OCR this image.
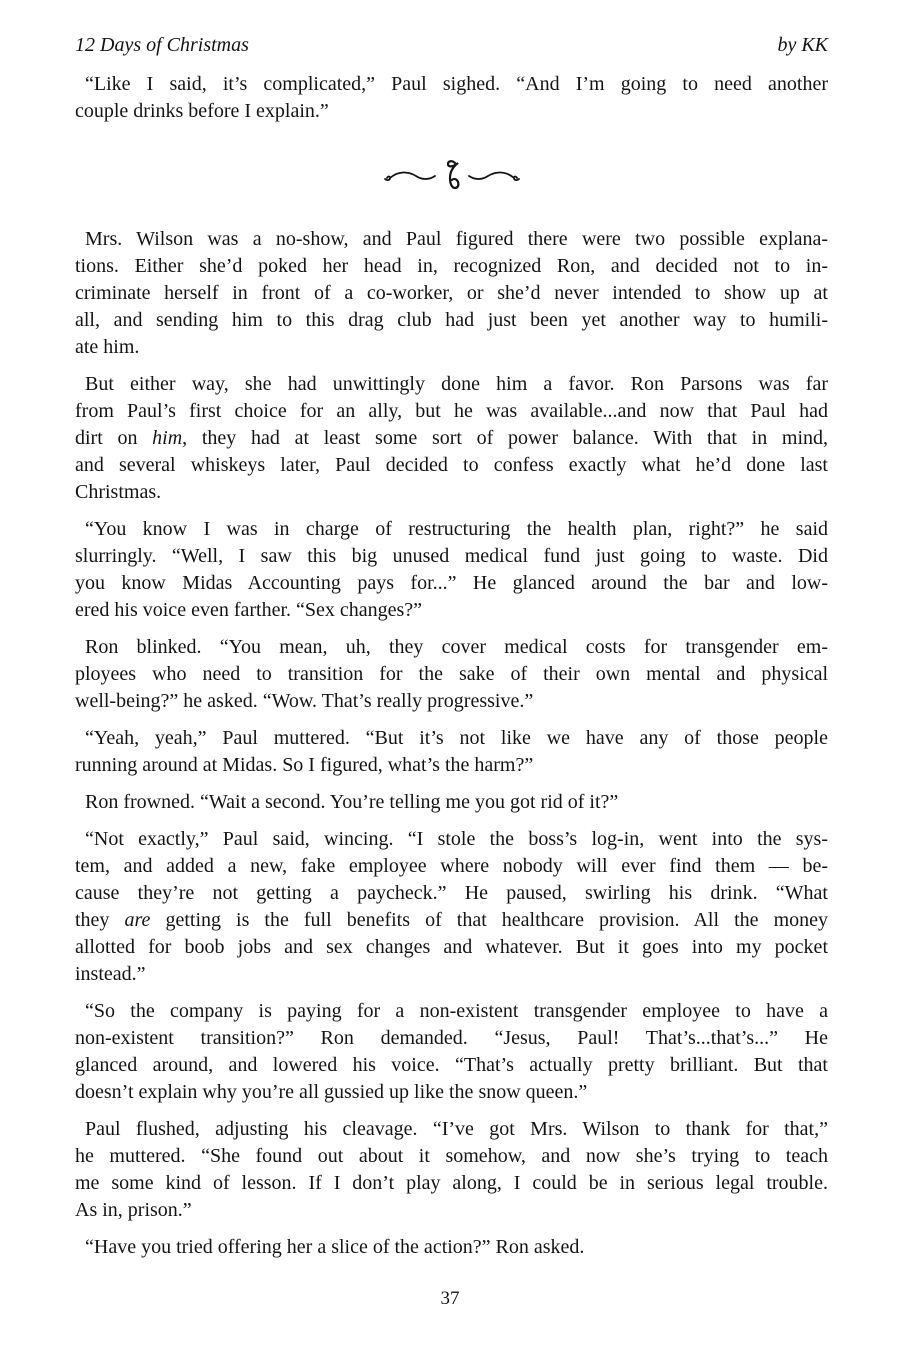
12 Days of Christmas	by KK

“Like I said, it’s complicated,” Paul sighed. “And I’m going to need another
couple drinks before I explain.”

Mrs. Wilson was a no-show, and Paul figured there were two possible explana-
tions. Either she’d poked her head in, recognized Ron, and decided not to in-
criminate herself in front of a co-worker, or she’d never intended to show up at
all, and sending him to this drag club had just been yet another way to humili-
ate him.

But either way, she had unwittingly done him a favor. Ron Parsons was far
from Paul’s first choice for an ally, but he was available...and now that Paul had
dirt on him, they had at least some sort of power balance. With that in mind,
and several whiskeys later, Paul decided to confess exactly what he’d done last
Christmas.

“You know I was in charge of restructuring the health plan, right?” he said
slurringly. “Well, I saw this big unused medical fund just going to waste. Did
you know Midas Accounting pays for...” He glanced around the bar and low-
ered his voice even farther. “Sex changes?”

Ron blinked. “You mean, uh, they cover medical costs for transgender em-
ployees who need to transition for the sake of their own mental and physical
well-being?” he asked. “Wow. That’s really progressive.”

“Yeah, yeah,” Paul muttered. “But it’s not like we have any of those people
running around at Midas. So I figured, what’s the harm?”

Ron frowned. “Wait a second. You’re telling me you got rid of it?”

“Not exactly,” Paul said, wincing. “I stole the boss’s log-in, went into the sys-
tem, and added a new, fake employee where nobody will ever find them — be-
cause they’re not getting a paycheck.” He paused, swirling his drink. “What
they are getting is the full benefits of that healthcare provision. All the money
allotted for boob jobs and sex changes and whatever. But it goes into my pocket
instead.”

“So the company is paying for a non-existent transgender employee to have a
non-existent transition?” Ron demanded. “Jesus, Paul! That’s...that’s...” He
glanced around, and lowered his voice. “That’s actually pretty brilliant. But that
doesn’t explain why you’re all gussied up like the snow queen.”

Paul flushed, adjusting his cleavage. “I’ve got Mrs. Wilson to thank for that,”
he muttered. “She found out about it somehow, and now she’s trying to teach
me some kind of lesson. If I don’t play along, I could be in serious legal trouble.
As in, prison.”

“Have you tried offering her a slice of the action?” Ron asked.

37
